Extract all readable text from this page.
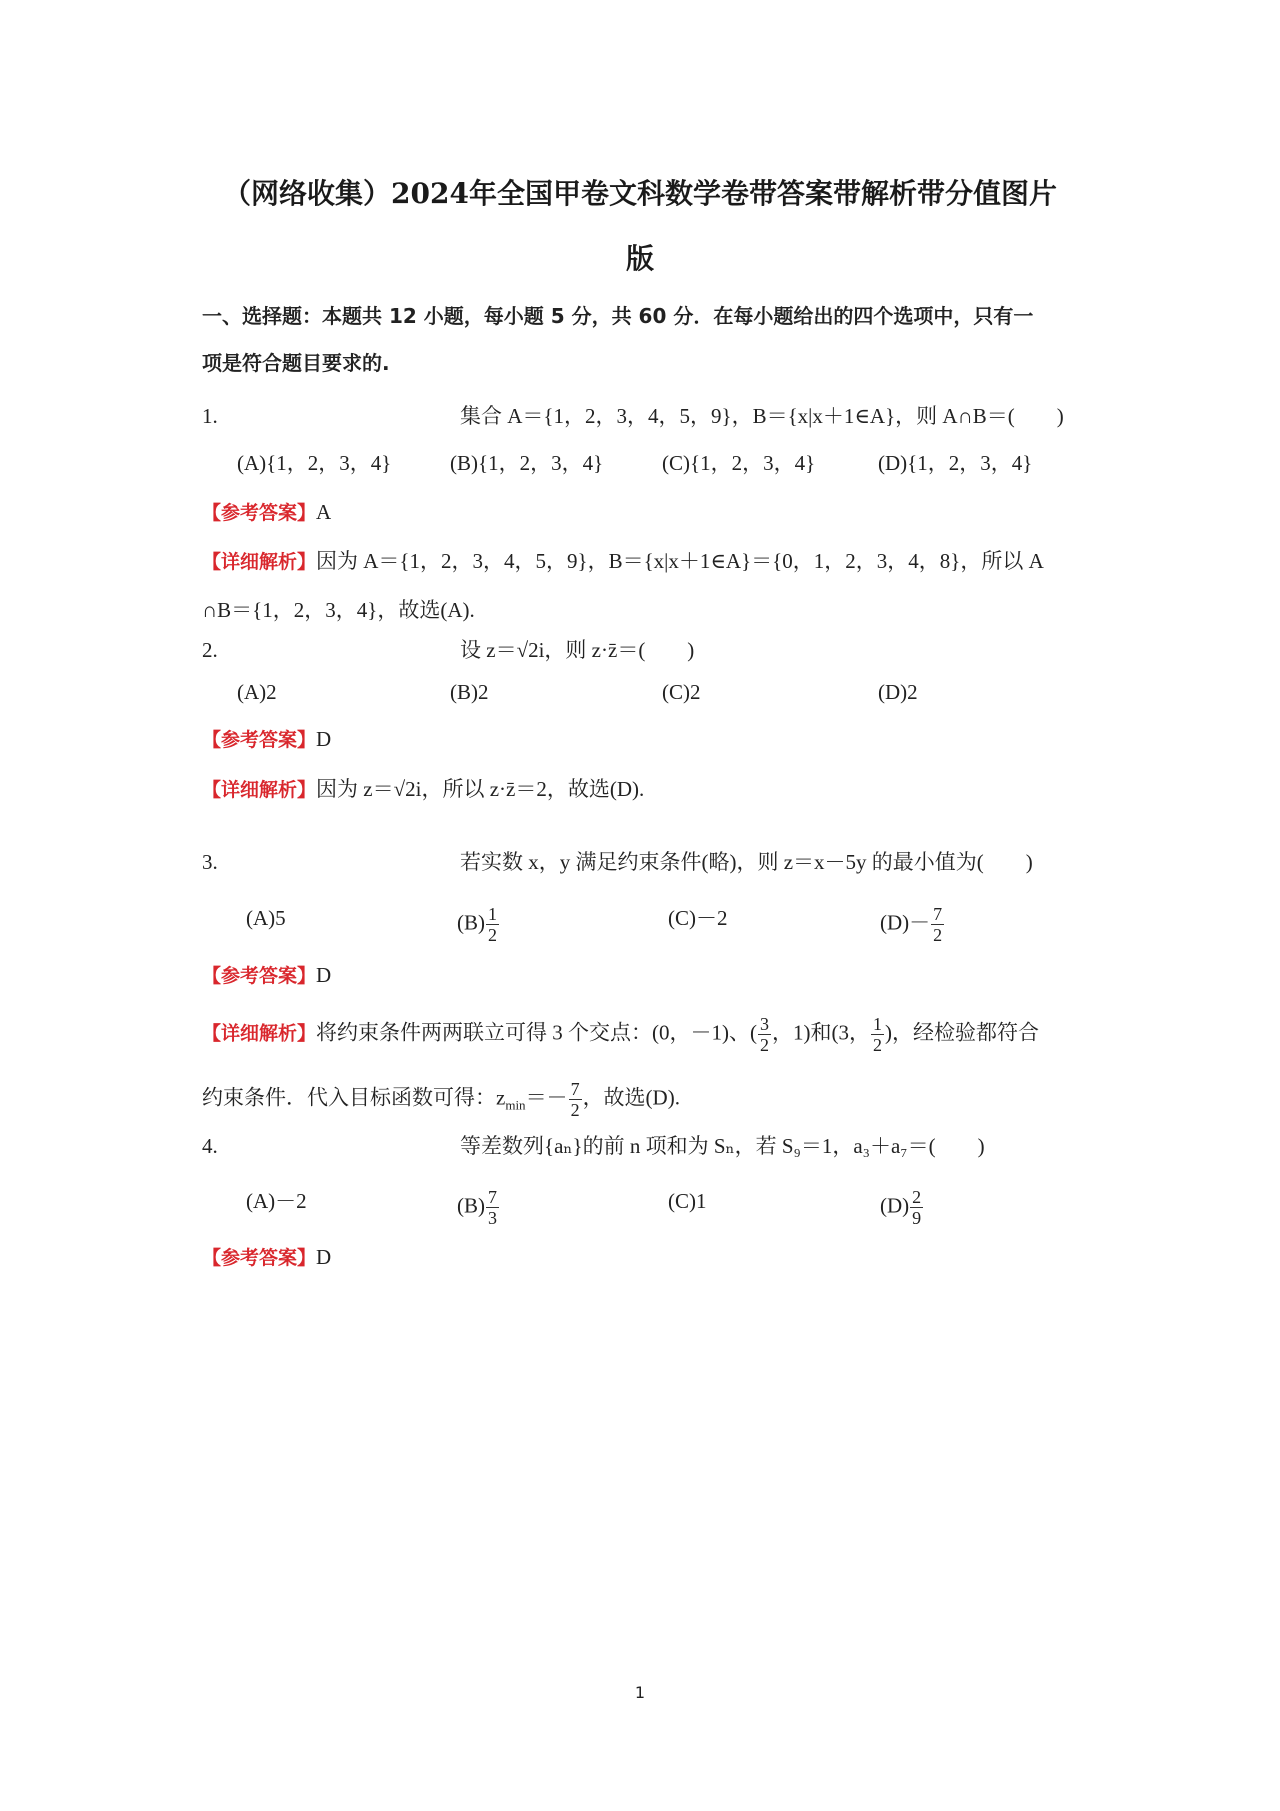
（网络收集）2024年全国甲卷文科数学卷带答案带解析带分值图片
版
一、选择题：本题共 12 小题，每小题 5 分，共 60 分．在每小题给出的四个选项中，只有一
项是符合题目要求的.
1.	集合 A＝{1，2，3，4，5，9}，B＝{x|x＋1∈A}，则 A∩B＝(　　)
(A){1，2，3，4}	(B){1，2，3，4}	(C){1，2，3，4}	(D){1，2，3，4}
【参考答案】A
【详细解析】因为 A＝{1，2，3，4，5，9}，B＝{x|x＋1∈A}＝{0，1，2，3，4，8}，所以 A
∩B＝{1，2，3，4}，故选(A).
2.	设 z＝√2i，则 z·z̄＝(　　)
(A)2	(B)2	(C)2	(D)2
【参考答案】D
【详细解析】因为 z＝√2i，所以 z·z̄＝2，故选(D).
3.	若实数 x，y 满足约束条件(略)，则 z＝x－5y 的最小值为(　　)
(A)5	$(B) \frac{1}{2}$	(C)－2	$(D)- \frac{7}{2}$
【参考答案】D
【详细解析】将约束条件两两联立可得 3 个交点：(0，－1)、( $\frac{3}{2}$ ，1)和(3， $\frac{1}{2}$ )，经检验都符合
约束条件．代入目标函数可得：$z_{min}=- \frac{7}{2}$ ，故选(D).
4.	等差数列{aₙ}的前 n 项和为 Sₙ，若 S₉＝1，a₃＋a₇＝(　　)
(A)－2	$(B) \frac{7}{3}$	(C)1	$(D) \frac{2}{9}$
【参考答案】D
1
